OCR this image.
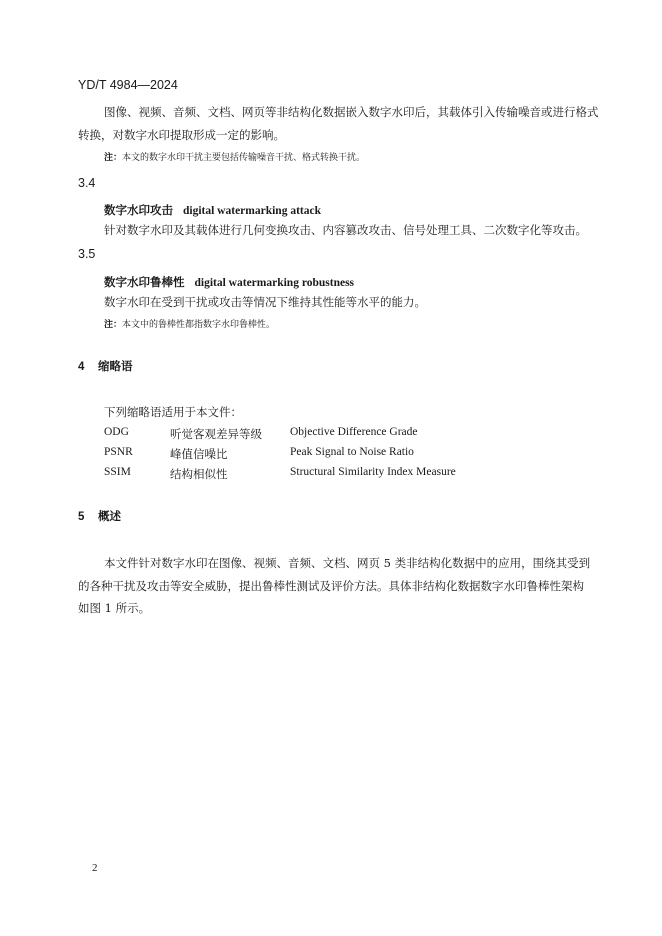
YD/T 4984—2024
图像、视频、音频、文档、网页等非结构化数据嵌入数字水印后，其载体引入传输噪音或进行格式
转换，对数字水印提取形成一定的影响。
注：本文的数字水印干扰主要包括传输噪音干扰、格式转换干扰。
3.4
数字水印攻击 digital watermarking attack
针对数字水印及其载体进行几何变换攻击、内容篡改攻击、信号处理工具、二次数字化等攻击。
3.5
数字水印鲁棒性 digital watermarking robustness
数字水印在受到干扰或攻击等情况下维持其性能等水平的能力。
注：本文中的鲁棒性都指数字水印鲁棒性。
4 缩略语
下列缩略语适用于本文件：
ODG	听觉客观差异等级 Objective Difference Grade
PSNR	峰值信噪比	Peak Signal to Noise Ratio
SSIM	结构相似性	Structural Similarity Index Measure
5 概述
本文件针对数字水印在图像、视频、音频、文档、网页 5 类非结构化数据中的应用，围绕其受到
的各种干扰及攻击等安全威胁，提出鲁棒性测试及评价方法。具体非结构化数据数字水印鲁棒性架构
如图 1 所示。
2
